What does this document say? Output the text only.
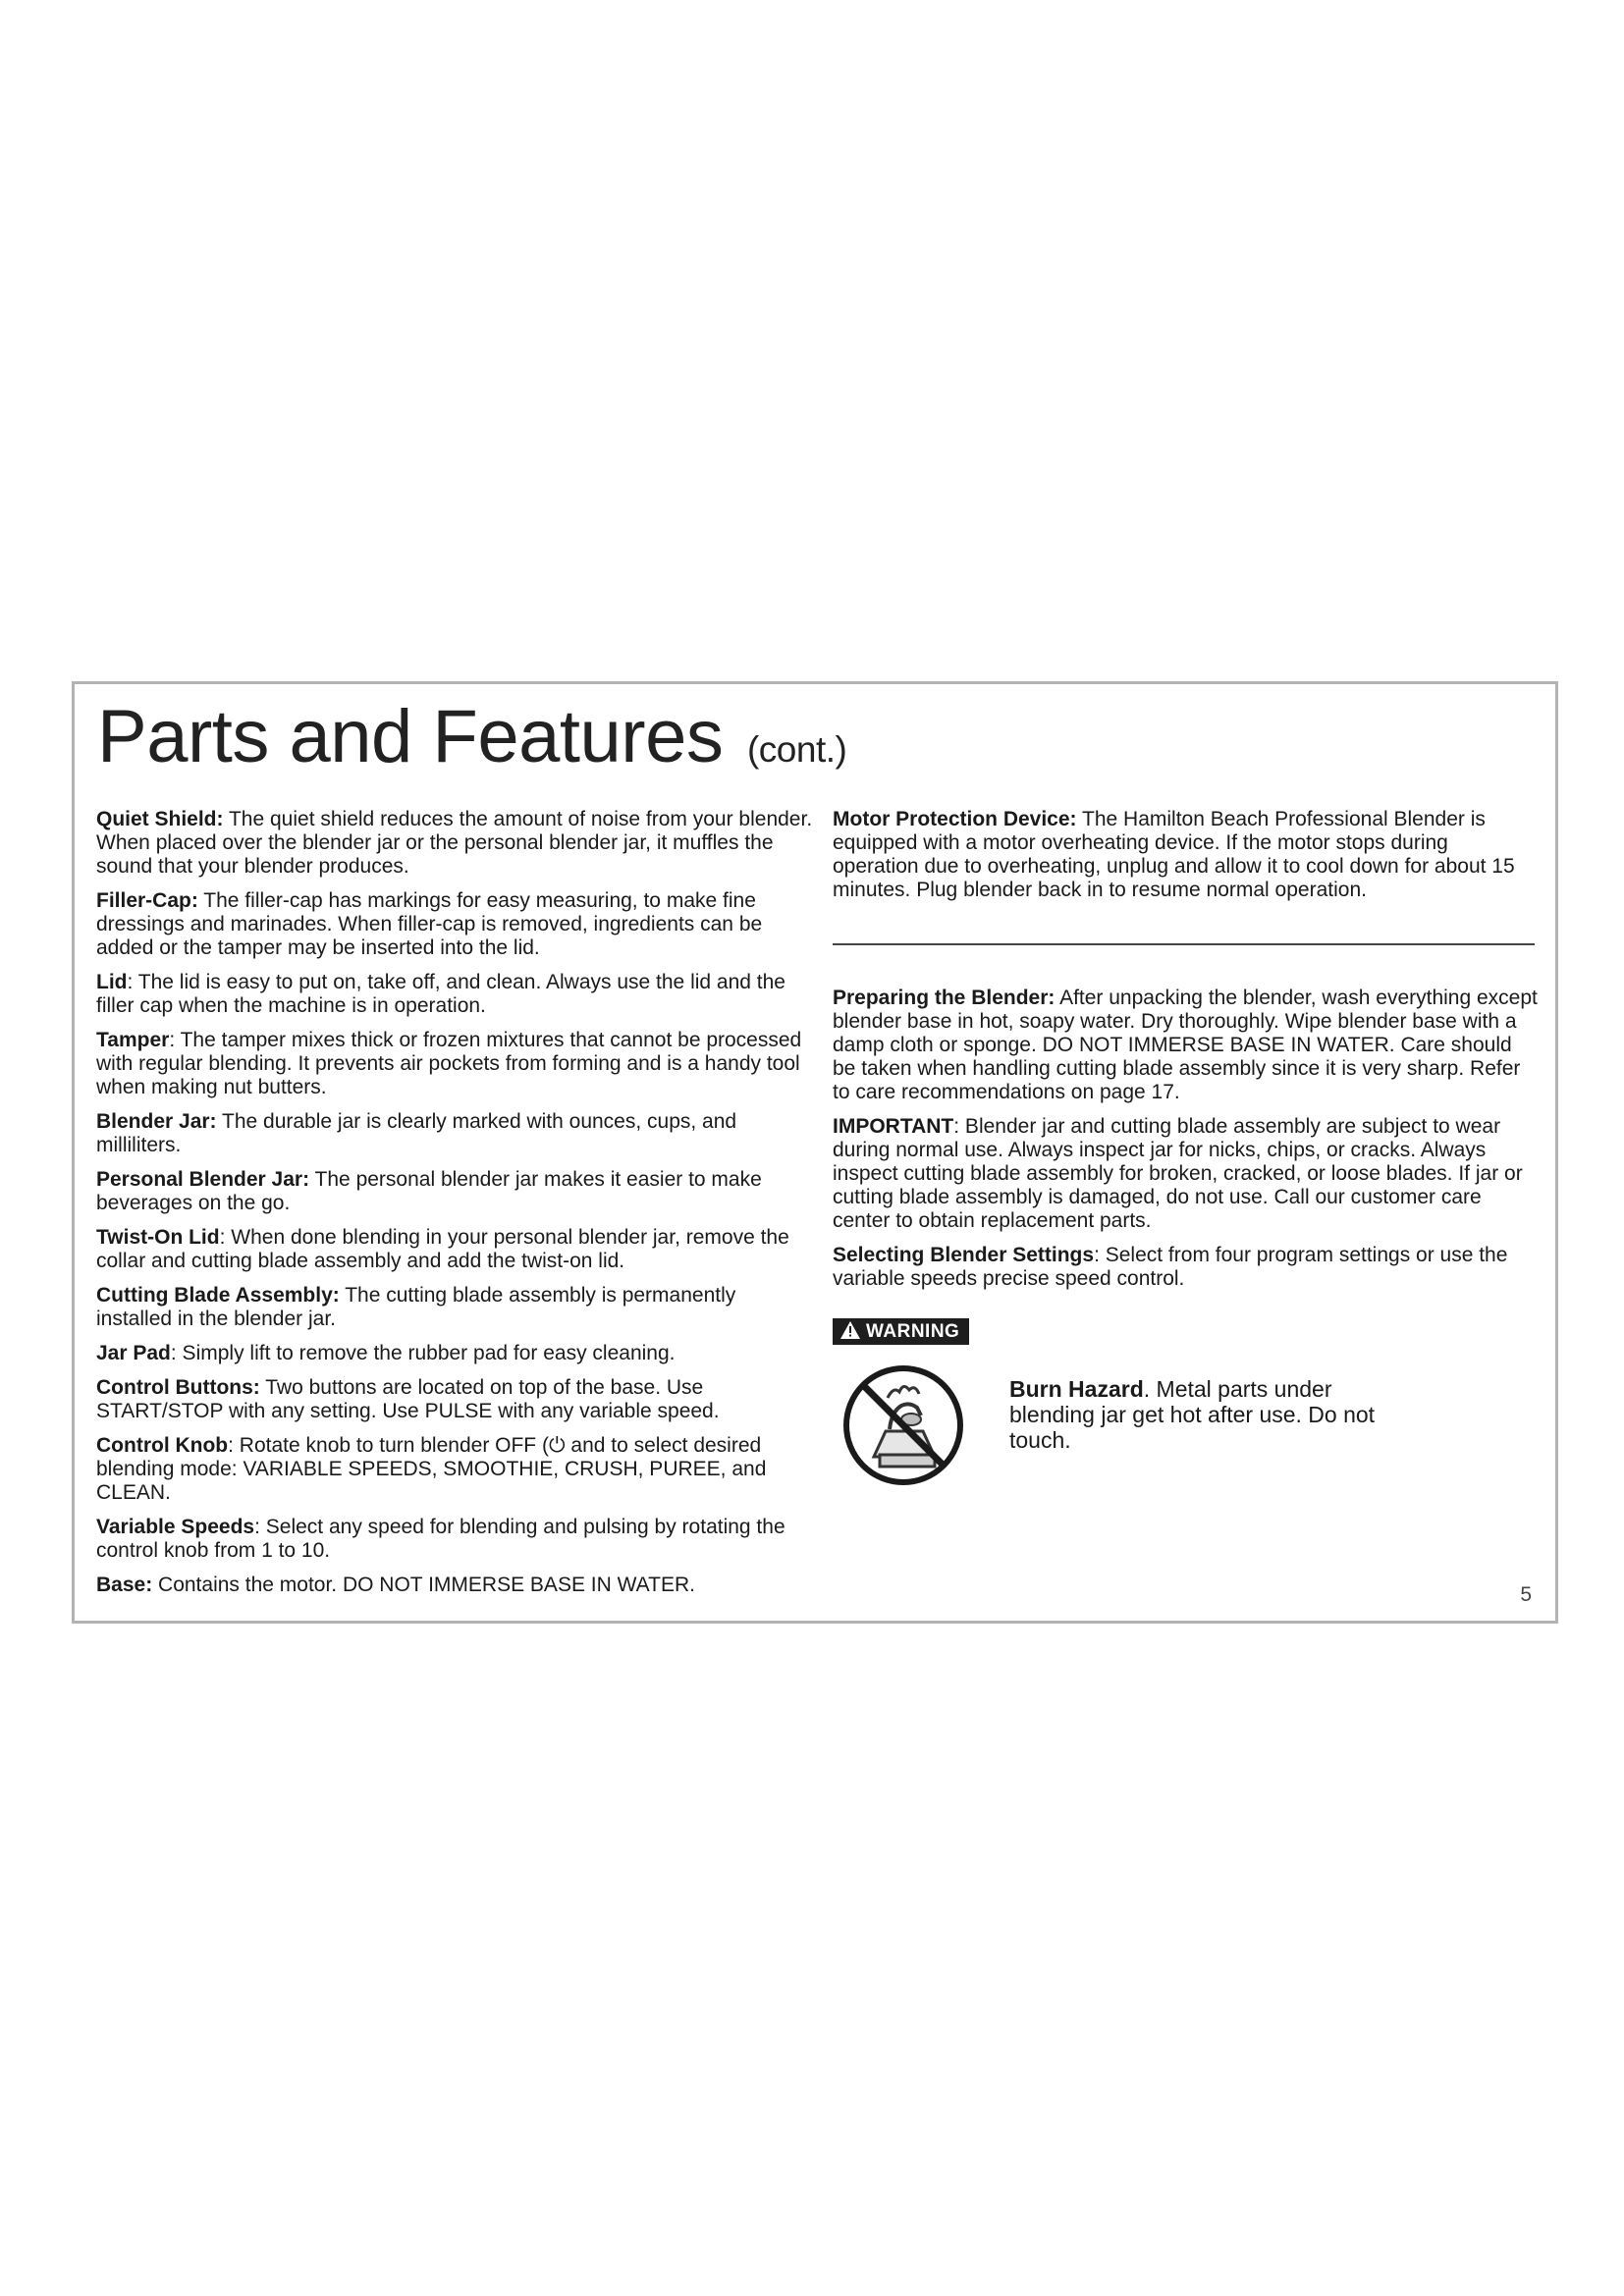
Parts and Features (cont.)

Quiet Shield: The quiet shield reduces the amount of noise from your blender. When placed over the blender jar or the personal blender jar, it muffles the sound that your blender produces.

Filler-Cap: The filler-cap has markings for easy measuring, to make fine dressings and marinades. When filler-cap is removed, ingredients can be added or the tamper may be inserted into the lid.

Lid: The lid is easy to put on, take off, and clean. Always use the lid and the filler cap when the machine is in operation.

Tamper: The tamper mixes thick or frozen mixtures that cannot be processed with regular blending. It prevents air pockets from forming and is a handy tool when making nut butters.

Blender Jar: The durable jar is clearly marked with ounces, cups, and milliliters.

Personal Blender Jar: The personal blender jar makes it easier to make beverages on the go.

Twist-On Lid: When done blending in your personal blender jar, remove the collar and cutting blade assembly and add the twist-on lid.

Cutting Blade Assembly: The cutting blade assembly is permanently installed in the blender jar.

Jar Pad: Simply lift to remove the rubber pad for easy cleaning.

Control Buttons: Two buttons are located on top of the base. Use START/STOP with any setting. Use PULSE with any variable speed.

Control Knob: Rotate knob to turn blender OFF (⏻ and to select desired blending mode: VARIABLE SPEEDS, SMOOTHIE, CRUSH, PUREE, and CLEAN.

Variable Speeds: Select any speed for blending and pulsing by rotating the control knob from 1 to 10.

Base: Contains the motor. DO NOT IMMERSE BASE IN WATER.

Motor Protection Device: The Hamilton Beach Professional Blender is equipped with a motor overheating device. If the motor stops during operation due to overheating, unplug and allow it to cool down for about 15 minutes. Plug blender back in to resume normal operation.

Preparing the Blender: After unpacking the blender, wash everything except blender base in hot, soapy water. Dry thoroughly. Wipe blender base with a damp cloth or sponge. DO NOT IMMERSE BASE IN WATER. Care should be taken when handling cutting blade assembly since it is very sharp. Refer to care recommendations on page 17.

IMPORTANT: Blender jar and cutting blade assembly are subject to wear during normal use. Always inspect jar for nicks, chips, or cracks. Always inspect cutting blade assembly for broken, cracked, or loose blades. If jar or cutting blade assembly is damaged, do not use. Call our customer care center to obtain replacement parts.

Selecting Blender Settings: Select from four program settings or use the variable speeds precise speed control.

WARNING
Burn Hazard. Metal parts under blending jar get hot after use. Do not touch.
5
